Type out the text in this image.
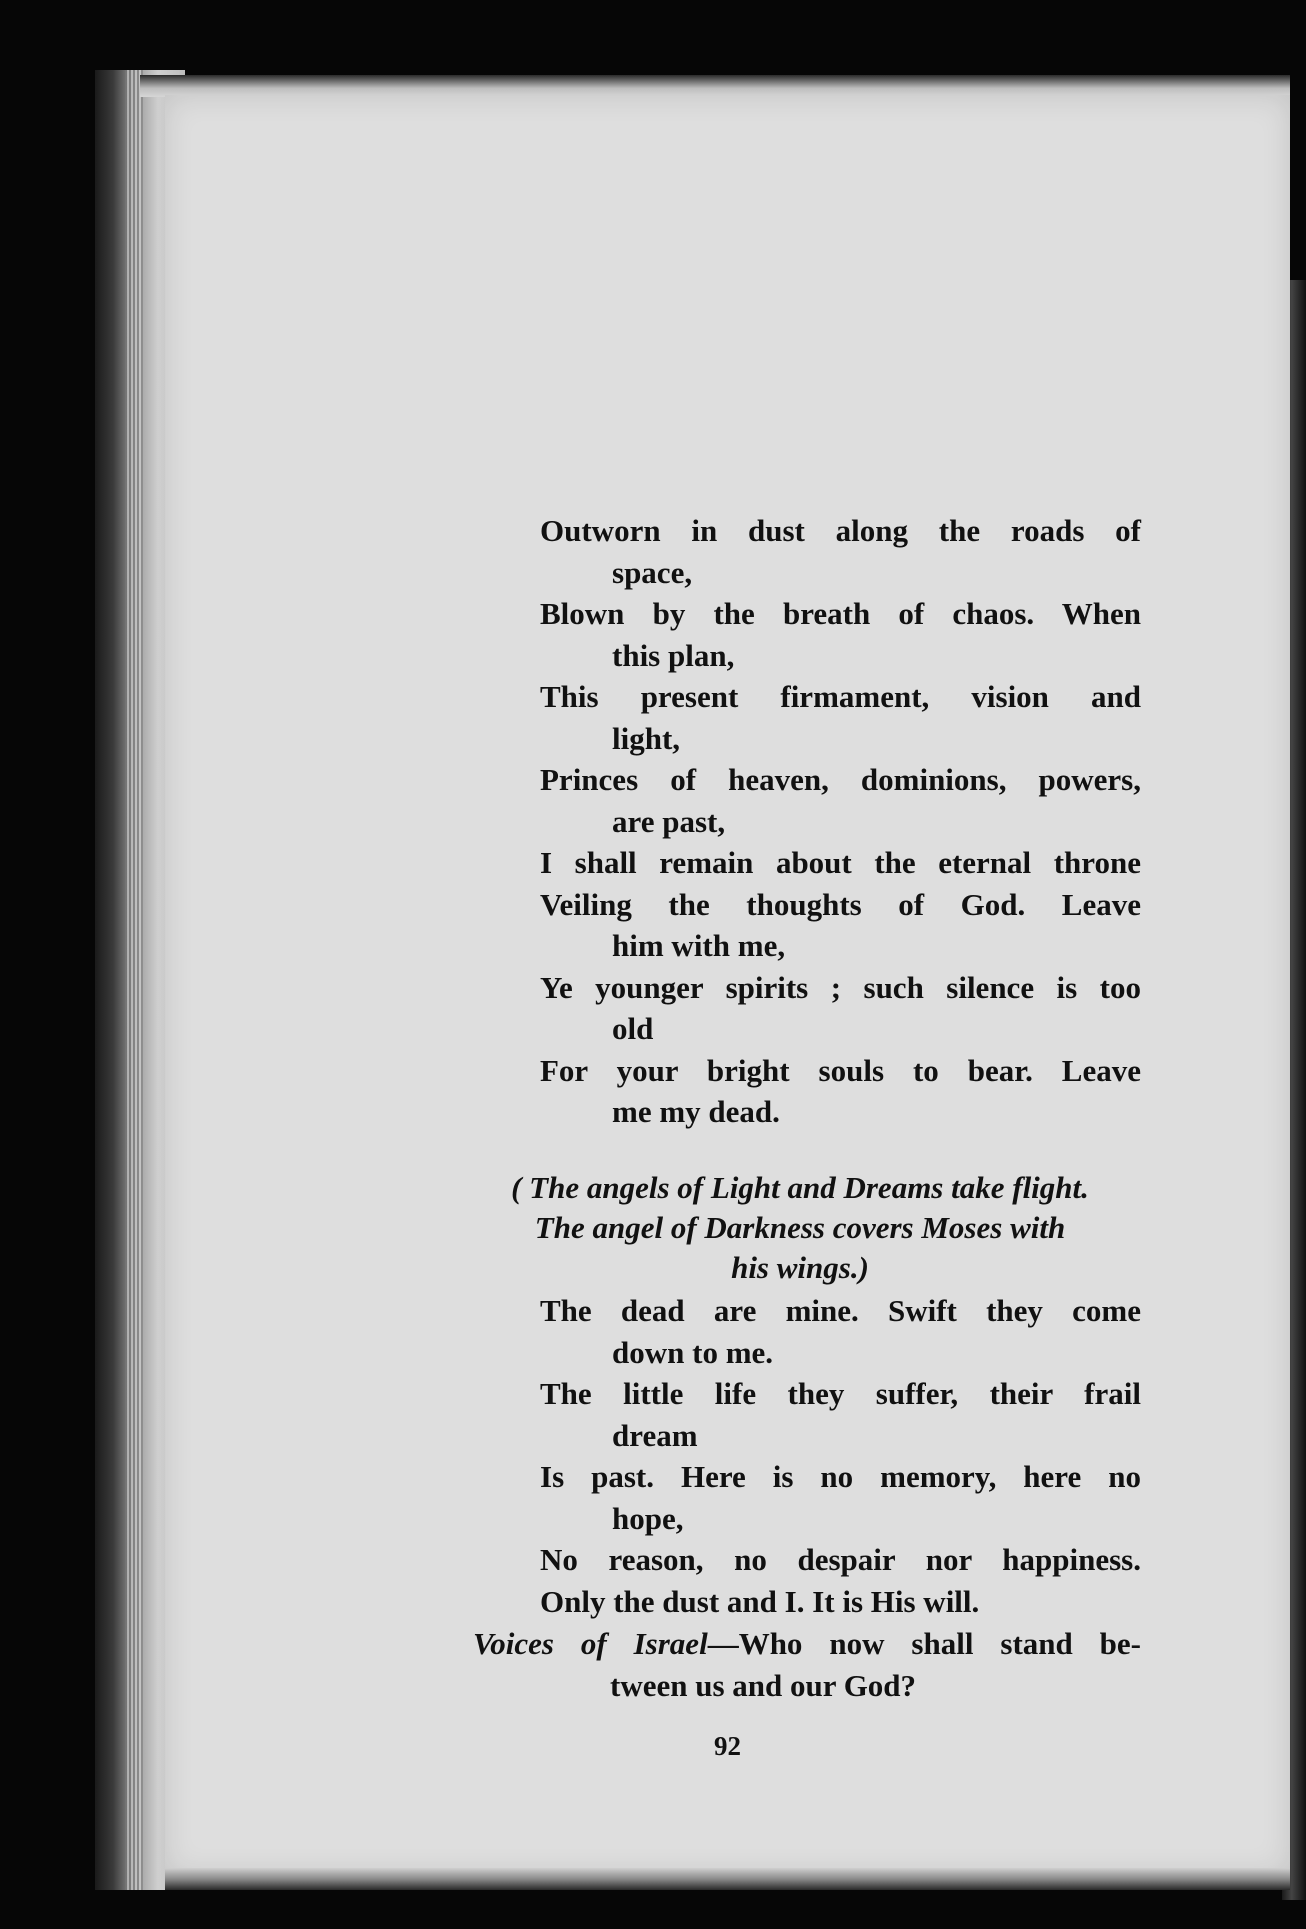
Outworn in dust along the roads of
space,
Blown by the breath of chaos. When
this plan,
This present firmament, vision and
light,
Princes of heaven, dominions, powers,
are past,
I shall remain about the eternal throne
Veiling the thoughts of God. Leave
him with me,
Ye younger spirits ; such silence is too
old
For your bright souls to bear. Leave
me my dead.
( The angels of Light and Dreams take flight.
The angel of Darkness covers Moses with
his wings.)
The dead are mine. Swift they come
down to me.
The little life they suffer, their frail
dream
Is past. Here is no memory, here no
hope,
No reason, no despair nor happiness.
Only the dust and I. It is His will.
Voices of Israel—Who now shall stand be-
tween us and our God?
92
